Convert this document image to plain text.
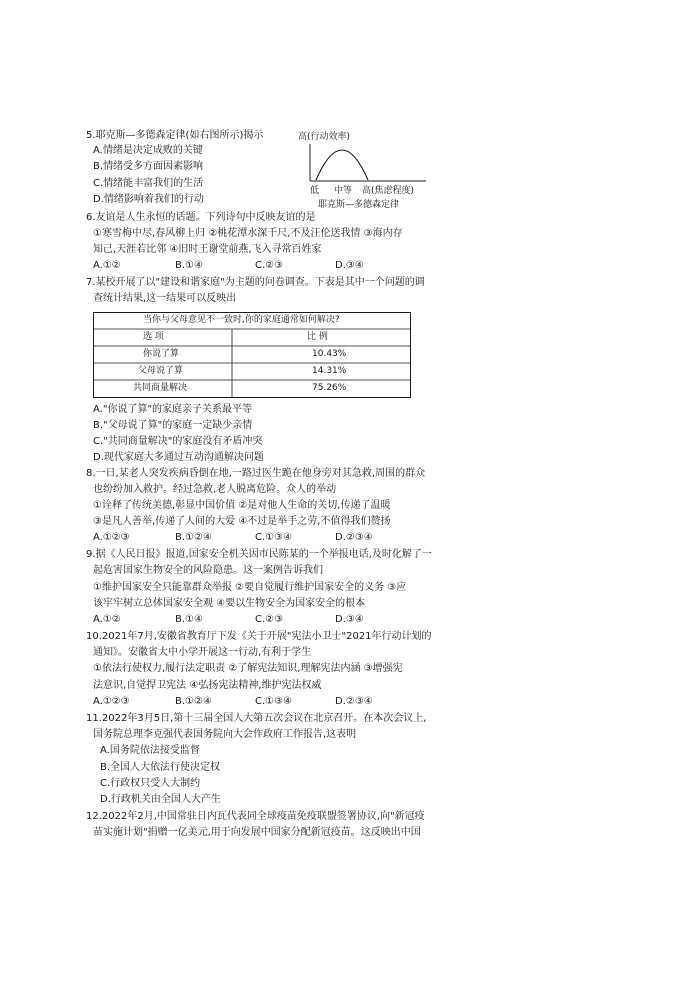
5.耶克斯—多德森定律(如右图所示)揭示
A.情绪是决定成败的关键
B.情绪受多方面因素影响
C.情绪能丰富我们的生活
D.情绪影响着我们的行动
高(行动效率)
低 中等 高(焦虑程度)
耶克斯—多德森定律
6.友谊是人生永恒的话题。下列诗句中反映友谊的是
①寒雪梅中尽,春风柳上归 ②桃花潭水深千尺,不及汪伦送我情 ③海内存
知己,天涯若比邻 ④旧时王谢堂前燕,飞入寻常百姓家
A.①②	B.①④	C.②③	D.③④
7.某校开展了以"建设和谐家庭"为主题的问卷调查。下表是其中一个问题的调
查统计结果,这一结果可以反映出
当你与父母意见不一致时,你的家庭通常如何解决?
选 项	比 例
你说了算	10.43%
父母说了算	14.31%
共同商量解决	75.26%
A."你说了算"的家庭亲子关系最平等
B."父母说了算"的家庭一定缺少亲情
C."共同商量解决"的家庭没有矛盾冲突
D.现代家庭大多通过互动沟通解决问题
8.一日,某老人突发疾病昏倒在地,一路过医生跪在他身旁对其急救,周围的群众
也纷纷加入救护。经过急救,老人脱离危险。众人的举动
①诠释了传统美德,彰显中国价值 ②是对他人生命的关切,传递了温暖
③是凡人善举,传递了人间的大爱 ④不过是举手之劳,不值得我们赞扬
A.①②③	B.①②④	C.①③④	D.②③④
9.据《人民日报》报道,国家安全机关因市民陈某的一个举报电话,及时化解了一
起危害国家生物安全的风险隐患。这一案例告诉我们
①维护国家安全只能靠群众举报 ②要自觉履行维护国家安全的义务 ③应
该牢牢树立总体国家安全观 ④要以生物安全为国家安全的根本
A.①②	B.①④	C.②③	D.③④
10.2021年7月,安徽省教育厅下发《关于开展"宪法小卫士"2021年行动计划的
通知》。安徽省大中小学开展这一行动,有利于学生
①依法行使权力,履行法定职责 ②了解宪法知识,理解宪法内涵 ③增强宪
法意识,自觉捍卫宪法 ④弘扬宪法精神,维护宪法权威
A.①②③	B.①②④	C.①③④	D.②③④
11.2022年3月5日,第十三届全国人大第五次会议在北京召开。在本次会议上,
国务院总理李克强代表国务院向大会作政府工作报告,这表明
A.国务院依法接受监督
B.全国人大依法行使决定权
C.行政权只受人大制约
D.行政机关由全国人大产生
12.2022年2月,中国常驻日内瓦代表同全球疫苗免疫联盟签署协议,向"新冠疫
苗实施计划"捐赠一亿美元,用于向发展中国家分配新冠疫苗。这反映出中国
